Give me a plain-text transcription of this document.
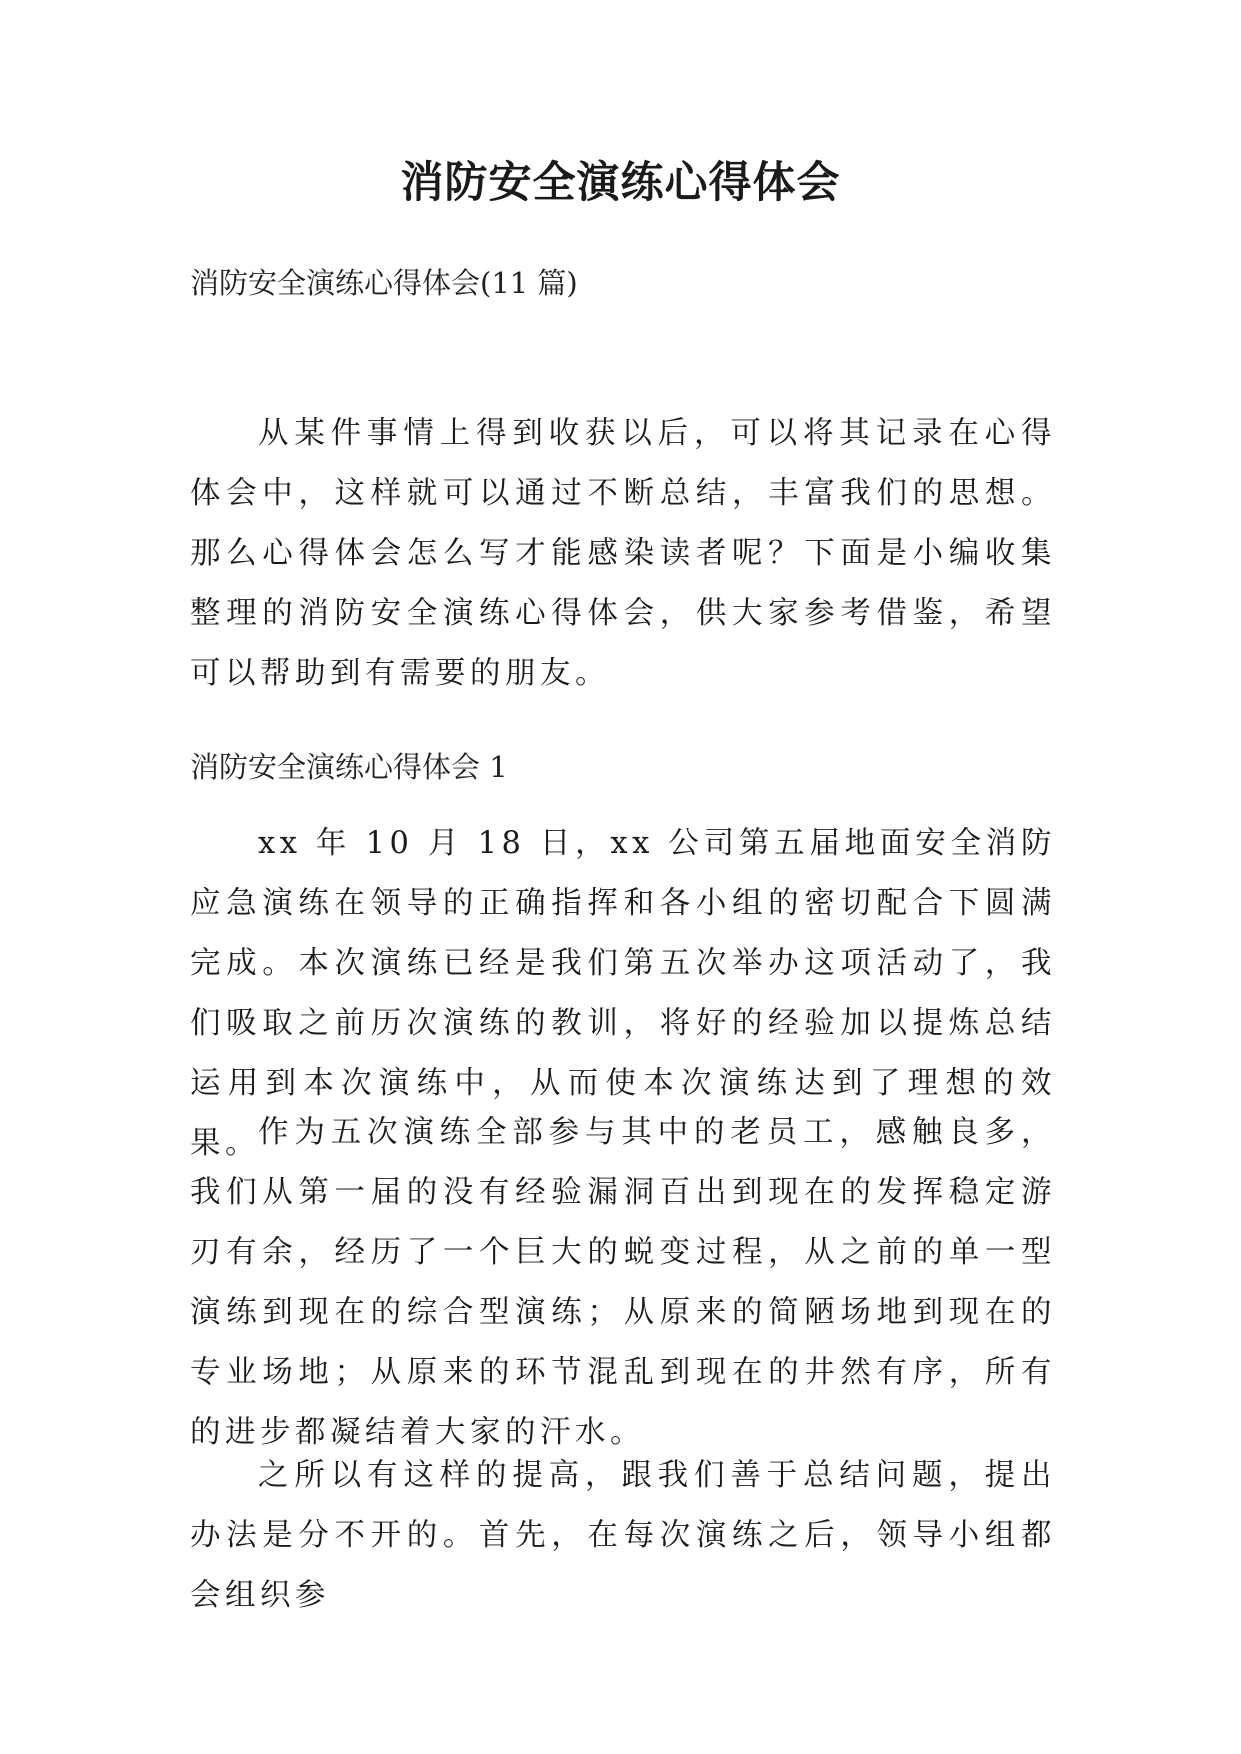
消防安全演练心得体会

消防安全演练心得体会(11 篇)

从某件事情上得到收获以后，可以将其记录在心得体会中，这样就可以通过不断总结，丰富我们的思想。那么心得体会怎么写才能感染读者呢？下面是小编收集整理的消防安全演练心得体会，供大家参考借鉴，希望可以帮助到有需要的朋友。

消防安全演练心得体会 1

xx 年 10 月 18 日，xx 公司第五届地面安全消防应急演练在领导的正确指挥和各小组的密切配合下圆满完成。本次演练已经是我们第五次举办这项活动了，我们吸取之前历次演练的教训，将好的经验加以提炼总结运用到本次演练中，从而使本次演练达到了理想的效果。

作为五次演练全部参与其中的老员工，感触良多，我们从第一届的没有经验漏洞百出到现在的发挥稳定游刃有余，经历了一个巨大的蜕变过程，从之前的单一型演练到现在的综合型演练；从原来的简陋场地到现在的专业场地；从原来的环节混乱到现在的井然有序，所有的进步都凝结着大家的汗水。

之所以有这样的提高，跟我们善于总结问题，提出办法是分不开的。首先，在每次演练之后，领导小组都会组织参
